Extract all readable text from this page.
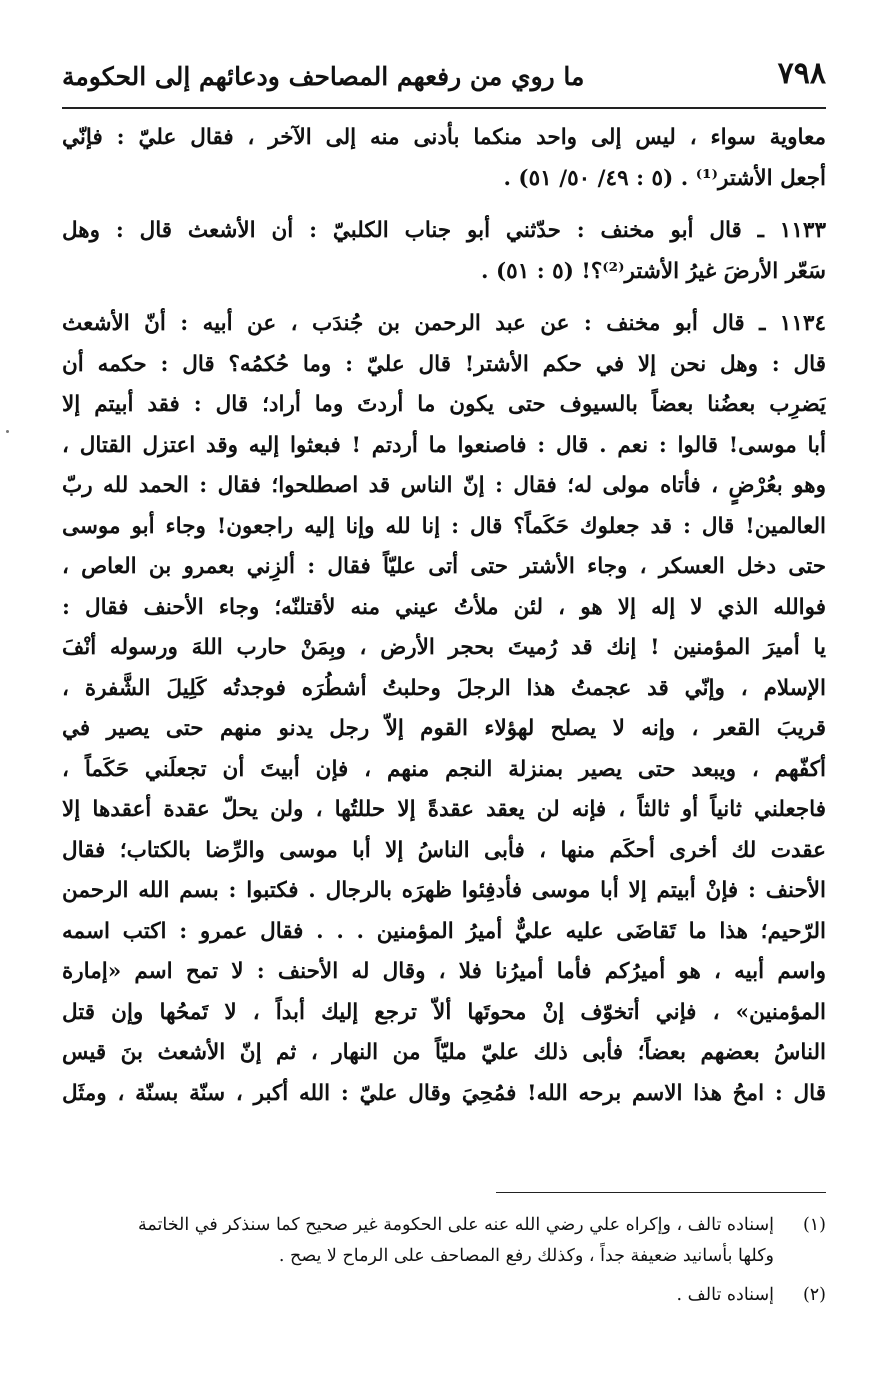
٧٩٨
ما روي من رفعهم المصاحف ودعائهم إلى الحكومة
معاوية سواء ، ليس إلى واحد منكما بأدنى منه إلى الآخر ، فقال عليّ : فإنّي
أجعل الأشتر⁽¹⁾ . (٥ : ٤٩/ ٥٠/ ٥١) .
١١٣٣ ـ قال أبو مخنف : حدّثني أبو جناب الكلبيّ : أن الأشعث قال : وهل
سَعّر الأرضَ غيرُ الأشتر⁽²⁾؟! (٥ : ٥١) .
١١٣٤ ـ قال أبو مخنف : عن عبد الرحمن بن جُندَب ، عن أبيه : أنّ الأشعث
قال : وهل نحن إلا في حكم الأشتر! قال عليّ : وما حُكمُه؟ قال : حكمه أن
يَضرِب بعضُنا بعضاً بالسيوف حتى يكون ما أردتَ وما أراد؛ قال : فقد أبيتم إلا
أبا موسى! قالوا : نعم . قال : فاصنعوا ما أردتم ! فبعثوا إليه وقد اعتزل القتال ،
وهو بعُرْضٍ ، فأتاه مولى له؛ فقال : إنّ الناس قد اصطلحوا؛ فقال : الحمد لله ربّ
العالمين! قال : قد جعلوك حَكَماً؟ قال : إنا لله وإنا إليه راجعون! وجاء أبو موسى
حتى دخل العسكر ، وجاء الأشتر حتى أتى عليّاً فقال : ألزِني بعمرو بن العاص ،
فوالله الذي لا إله إلا هو ، لئن ملأتُ عيني منه لأقتلنّه؛ وجاء الأحنف فقال :
يا أميرَ المؤمنين ! إنك قد رُميتَ بحجر الأرض ، وبِمَنْ حارب اللهَ ورسوله أنْفَ
الإسلام ، وإنّي قد عجمتُ هذا الرجلَ وحلبتُ أشطُرَه فوجدتُه كَلِيلَ الشَّفرة ،
قريبَ القعر ، وإنه لا يصلح لهؤلاء القوم إلاّ رجل يدنو منهم حتى يصير في
أكفّهم ، ويبعد حتى يصير بمنزلة النجم منهم ، فإن أبيتَ أن تجعلَني حَكَماً ،
فاجعلني ثانياً أو ثالثاً ، فإنه لن يعقد عقدةً إلا حللتُها ، ولن يحلّ عقدة أعقدها إلا
عقدت لك أخرى أحكَم منها ، فأبى الناسُ إلا أبا موسى والرِّضا بالكتاب؛ فقال
الأحنف : فإنْ أبيتم إلا أبا موسى فأدفِئوا ظهرَه بالرجال . فكتبوا : بسم الله الرحمن
الرّحيم؛ هذا ما تَقاضَى عليه عليٌّ أميرُ المؤمنين . . . فقال عمرو : اكتب اسمه
واسم أبيه ، هو أميرُكم فأما أميرُنا فلا ، وقال له الأحنف : لا تمح اسم «إمارة
المؤمنين» ، فإني أتخوّف إنْ محوتَها ألاّ ترجع إليك أبداً ، لا تَمحُها وإن قتل
الناسُ بعضهم بعضاً؛ فأبى ذلك عليّ مليّاً من النهار ، ثم إنّ الأشعث بنَ قيس
قال : امحُ هذا الاسم برحه الله! فمُحِيَ وقال عليّ : الله أكبر ، سنّة بسنّة ، ومثَل
(١)
إسناده تالف ، وإكراه علي رضي الله عنه على الحكومة غير صحيح كما سنذكر في الخاتمة
وكلها بأسانيد ضعيفة جداً ، وكذلك رفع المصاحف على الرماح لا يصح .
(٢)
إسناده تالف .
